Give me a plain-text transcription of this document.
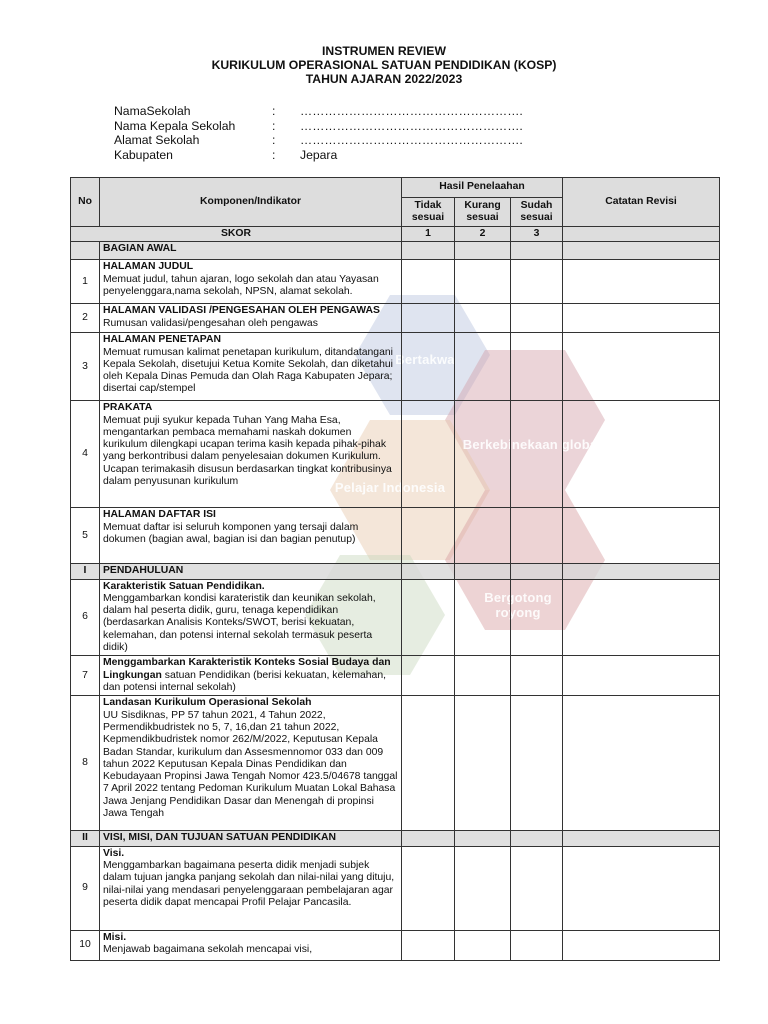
INSTRUMEN REVIEW
KURIKULUM OPERASIONAL SATUAN PENDIDIKAN (KOSP)
TAHUN AJARAN 2022/2023
NamaSekolah	:	……………………………………………….
Nama Kepala Sekolah	:	……………………………………………….
Alamat Sekolah	:	……………………………………………….
Kabupaten	:	Jepara
No	Komponen/Indikator	Hasil Penelaahan			Catatan Revisi
		Tidak sesuai	Kurang sesuai	Sudah sesuai	
SKOR		1	2	3	
	BAGIAN AWAL				
1	HALAMAN JUDUL
Memuat judul, tahun ajaran, logo sekolah dan atau Yayasan penyelenggara,nama sekolah, NPSN, alamat sekolah.				

2	HALAMAN VALIDASI /PENGESAHAN OLEH PENGAWAS
Rumusan validasi/pengesahan oleh pengawas				

3	HALAMAN PENETAPAN
Memuat rumusan kalimat penetapan kurikulum, ditandatangani Kepala Sekolah, disetujui Ketua Komite Sekolah, dan diketahui oleh Kepala Dinas Pemuda dan Olah Raga Kabupaten Jepara; disertai cap/stempel				

4	PRAKATA
Memuat puji syukur kepada Tuhan Yang Maha Esa, mengantarkan pembaca memahami naskah dokumen kurikulum dilengkapi ucapan terima kasih kepada pihak-pihak yang berkontribusi dalam penyelesaian dokumen Kurikulum. Ucapan terimakasih disusun berdasarkan tingkat kontribusinya dalam penyusunan kurikulum				

5	HALAMAN DAFTAR ISI
Memuat daftar isi seluruh komponen yang tersaji dalam dokumen (bagian awal, bagian isi dan bagian penutup)				

I	PENDAHULUAN				
6	Karakteristik Satuan Pendidikan.
Menggambarkan kondisi karateristik dan keunikan sekolah, dalam hal peserta didik, guru, tenaga kependidikan (berdasarkan Analisis Konteks/SWOT, berisi kekuatan, kelemahan, dan potensi internal sekolah termasuk peserta didik)				

7	Menggambarkan Karakteristik Konteks Sosial Budaya dan Lingkungan satuan Pendidikan (berisi kekuatan, kelemahan, dan potensi internal sekolah)				

8	Landasan Kurikulum Operasional Sekolah
UU Sisdiknas, PP 57 tahun 2021, 4 Tahun 2022, Permendikbudristek no 5, 7, 16,dan 21 tahun 2022, Kepmendikbudristek nomor 262/M/2022, Keputusan Kepala Badan Standar, kurikulum dan Assesmennomor 033 dan 009 tahun 2022 Keputusan Kepala Dinas Pendidikan dan Kebudayaan Propinsi Jawa Tengah Nomor 423.5/04678 tanggal 7 April 2022 tentang Pedoman Kurikulum Muatan Lokal Bahasa Jawa Jenjang Pendidikan Dasar dan Menengah di propinsi Jawa Tengah				

II	VISI, MISI, DAN TUJUAN SATUAN PENDIDIKAN				
9	Visi.
Menggambarkan bagaimana peserta didik menjadi subjek dalam tujuan jangka panjang sekolah dan nilai-nilai yang dituju, nilai-nilai yang mendasari penyelenggaraan pembelajaran agar peserta didik dapat mencapai Profil Pelajar Pancasila.				

10	Misi.
Menjawab bagaimana sekolah mencapai visi,				

Bertakwa
Berkebinekaan global
Pelajar Indonesia
Bergotong royong
